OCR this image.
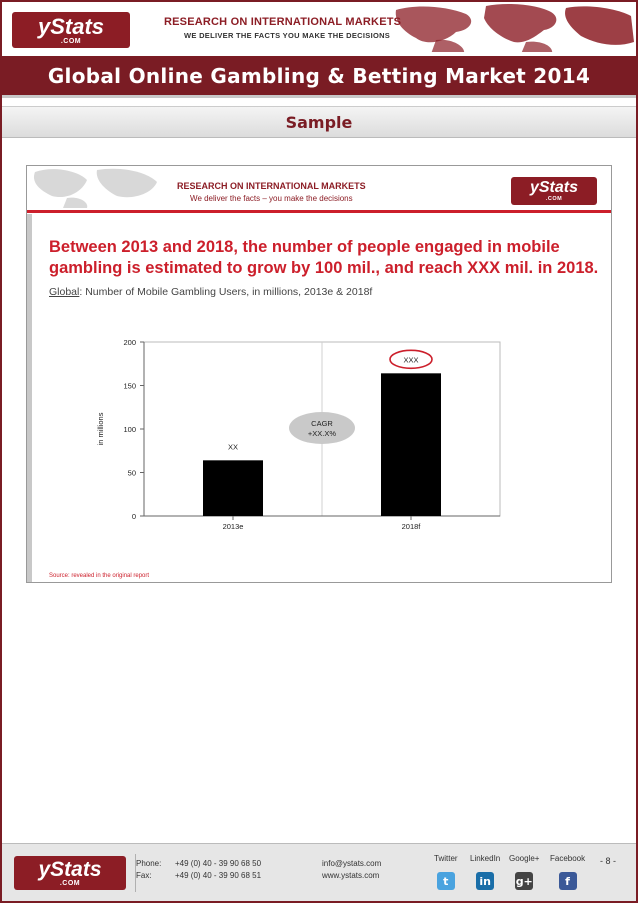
yStats
.COM
RESEARCH ON INTERNATIONAL MARKETS
WE DELIVER THE FACTS YOU MAKE THE DECISIONS
Global Online Gambling & Betting Market 2014
Sample
RESEARCH ON INTERNATIONAL MARKETS
We deliver the facts – you make the decisions
yStats
.COM
Between 2013 and 2018, the number of people engaged in mobile
gambling is estimated to grow by 100 mil., and reach XXX mil. in 2018.
Global: Number of Mobile Gambling Users, in millions, 2013e & 2018f
0
50
100
150
200
in millions
XX
2013e
XXX
2018f
CAGR
+XX.X%
Source: revealed in the original report
yStats
.COM
Phone:
Fax:
+49 (0) 40 - 39 90 68 50
+49 (0) 40 - 39 90 68 51
info@ystats.com
www.ystats.com
Twitter
t
LinkedIn
in
Google+
g+
Facebook
f
- 8 -
